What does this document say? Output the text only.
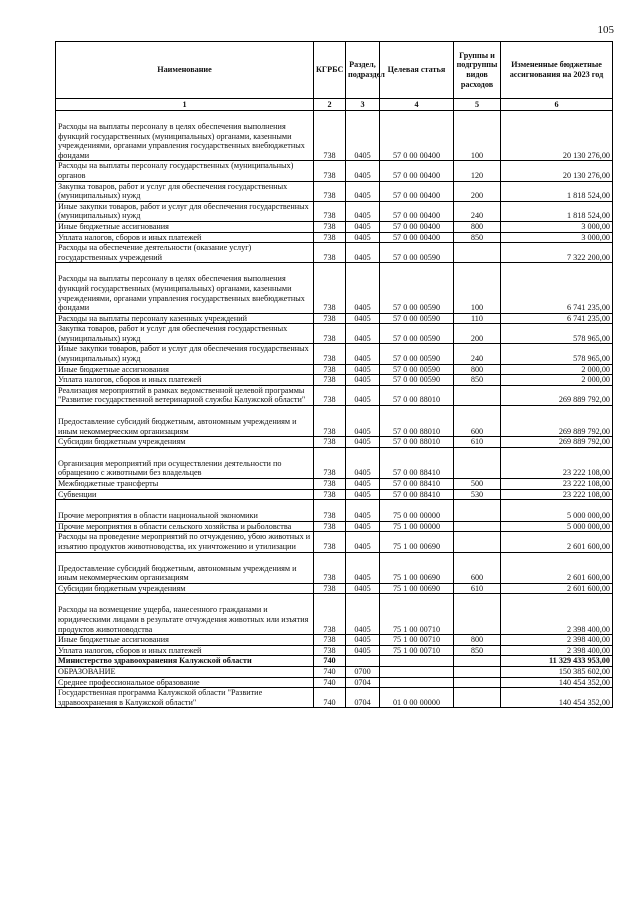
105
Наименование	КГРБС	Раздел, подраздел	Целевая статья	Группы и подгруппы видов расходов	Измененные бюджетные ассигнования на 2023 год
1	2	3	4	5	6
Расходы на выплаты персоналу в целях обеспечения выполнения функций государственных (муниципальных) органами, казенными учреждениями, органами управления государственных внебюджетных фондами	738	0405	57 0 00 00400	100	20 130 276,00
Расходы на выплаты персоналу государственных (муниципальных) органов	738	0405	57 0 00 00400	120	20 130 276,00
Закупка товаров, работ и услуг для обеспечения государственных (муниципальных) нужд	738	0405	57 0 00 00400	200	1 818 524,00
Иные закупки товаров, работ и услуг для обеспечения государственных (муниципальных) нужд	738	0405	57 0 00 00400	240	1 818 524,00
Иные бюджетные ассигнования	738	0405	57 0 00 00400	800	3 000,00
Уплата налогов, сборов и иных платежей	738	0405	57 0 00 00400	850	3 000,00
Расходы на обеспечение деятельности (оказание услуг) государственных учреждений	738	0405	57 0 00 00590		7 322 200,00
Расходы на выплаты персоналу в целях обеспечения выполнения функций государственных (муниципальных) органами, казенными учреждениями, органами управления государственных внебюджетных фондами	738	0405	57 0 00 00590	100	6 741 235,00
Расходы на выплаты персоналу казенных учреждений	738	0405	57 0 00 00590	110	6 741 235,00
Закупка товаров, работ и услуг для обеспечения государственных (муниципальных) нужд	738	0405	57 0 00 00590	200	578 965,00
Иные закупки товаров, работ и услуг для обеспечения государственных (муниципальных) нужд	738	0405	57 0 00 00590	240	578 965,00
Иные бюджетные ассигнования	738	0405	57 0 00 00590	800	2 000,00
Уплата налогов, сборов и иных платежей	738	0405	57 0 00 00590	850	2 000,00
Реализация мероприятий в рамках ведомственной целевой программы "Развитие государственной ветеринарной службы Калужской области"	738	0405	57 0 00 88010		269 889 792,00
Предоставление субсидий бюджетным, автономным учреждениям и иным некоммерческим организациям	738	0405	57 0 00 88010	600	269 889 792,00
Субсидии бюджетным учреждениям	738	0405	57 0 00 88010	610	269 889 792,00
Организация мероприятий при осуществлении деятельности по обращению с животными без владельцев	738	0405	57 0 00 88410		23 222 108,00
Межбюджетные трансферты	738	0405	57 0 00 88410	500	23 222 108,00
Субвенции	738	0405	57 0 00 88410	530	23 222 108,00
Прочие мероприятия в области национальной экономики	738	0405	75 0 00 00000		5 000 000,00
Прочие мероприятия в области сельского хозяйства и рыболовства	738	0405	75 1 00 00000		5 000 000,00
Расходы на проведение мероприятий по отчуждению, убою животных и изъятию продуктов животноводства, их уничтожению и утилизации	738	0405	75 1 00 00690		2 601 600,00
Предоставление субсидий бюджетным, автономным учреждениям и иным некоммерческим организациям	738	0405	75 1 00 00690	600	2 601 600,00
Субсидии бюджетным учреждениям	738	0405	75 1 00 00690	610	2 601 600,00
Расходы на возмещение ущерба, нанесенного гражданами и юридическими лицами в результате отчуждения животных или изъятия продуктов животноводства	738	0405	75 1 00 00710		2 398 400,00
Иные бюджетные ассигнования	738	0405	75 1 00 00710	800	2 398 400,00
Уплата налогов, сборов и иных платежей	738	0405	75 1 00 00710	850	2 398 400,00
Министерство здравоохранения Калужской области	740				11 329 433 953,00
ОБРАЗОВАНИЕ	740	0700			150 385 602,00
Среднее профессиональное образование	740	0704			140 454 352,00
Государственная программа Калужской области "Развитие здравоохранения в Калужской области"	740	0704	01 0 00 00000		140 454 352,00
